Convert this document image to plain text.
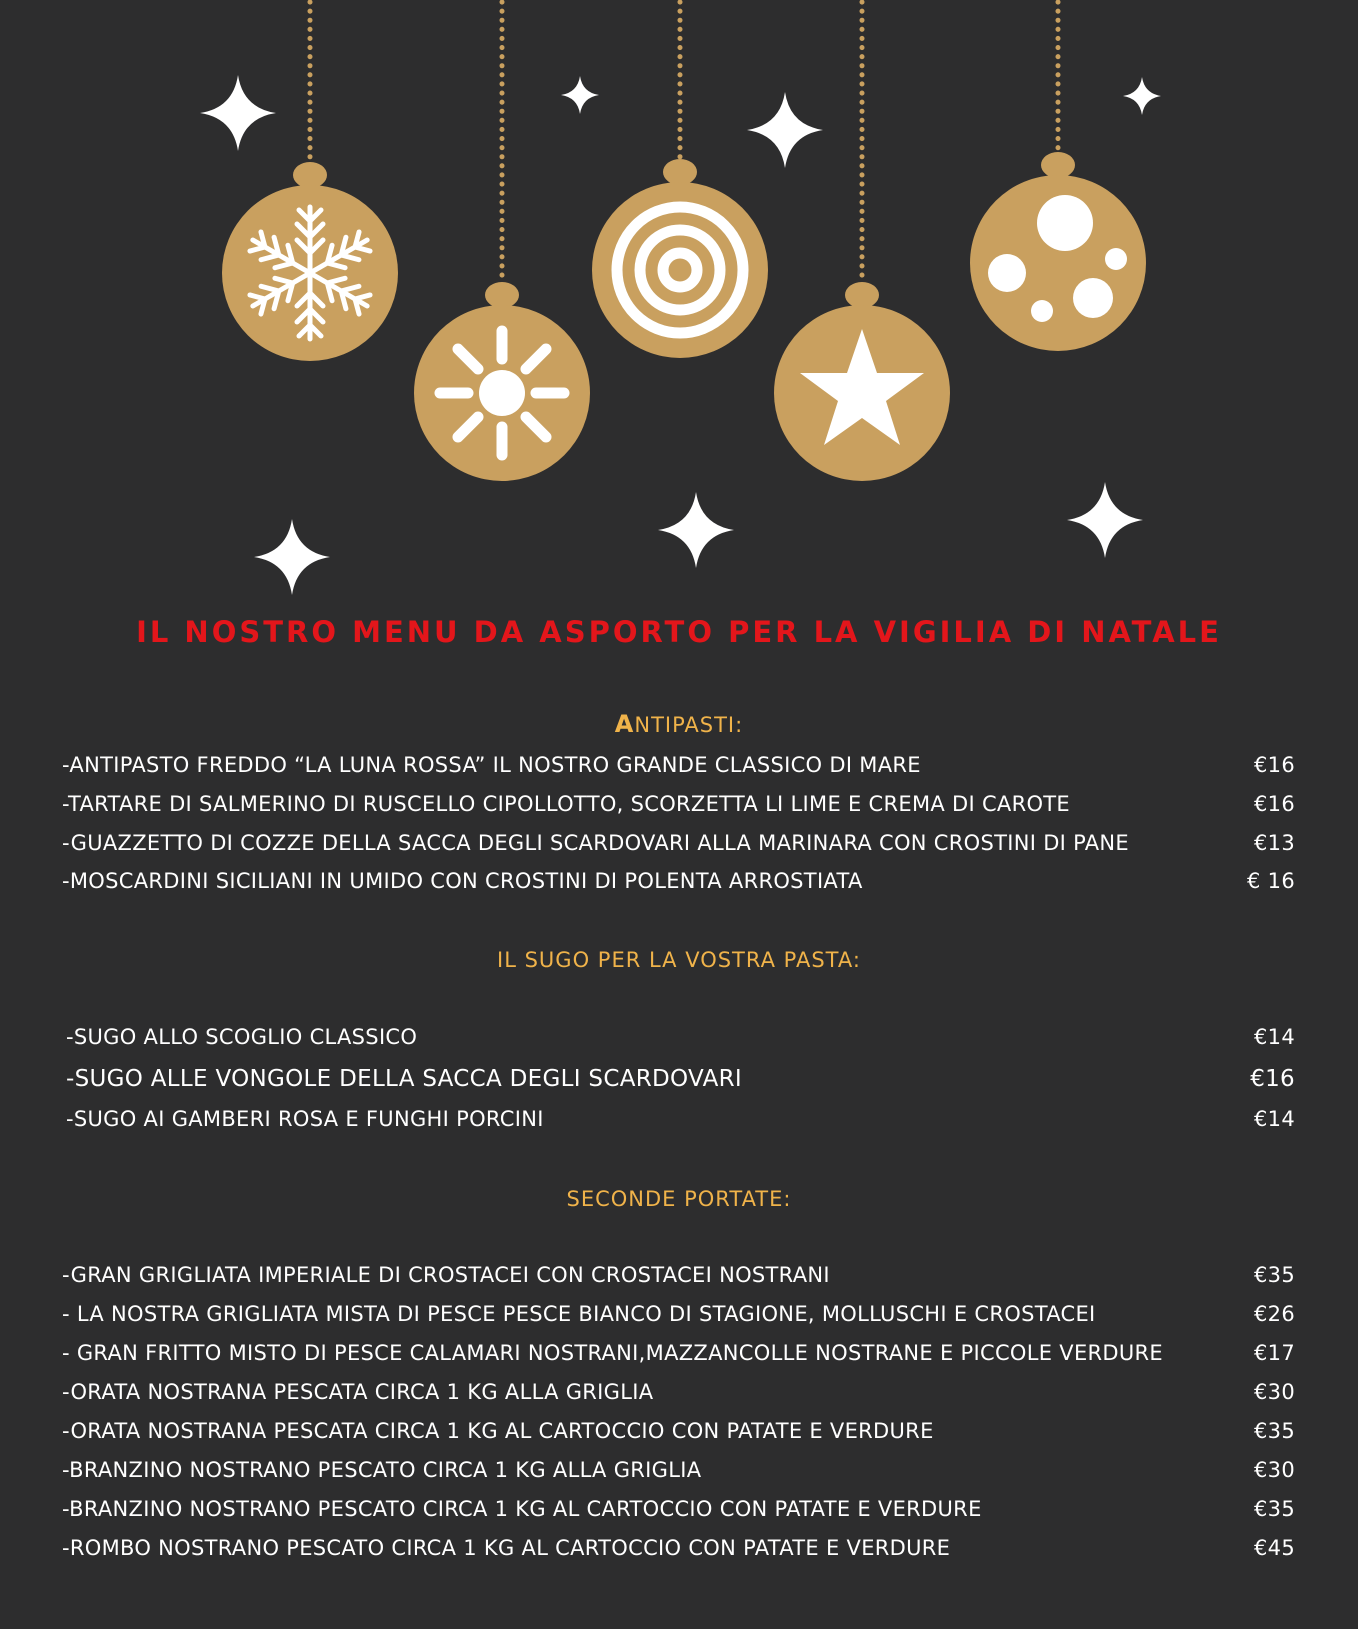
IL NOSTRO MENU DA ASPORTO PER LA VIGILIA DI NATALE
ANTIPASTI:
-ANTIPASTO FREDDO “LA LUNA ROSSA” IL NOSTRO GRANDE CLASSICO DI MARE	€16
-TARTARE DI SALMERINO DI RUSCELLO CIPOLLOTTO, SCORZETTA LI LIME E CREMA DI CAROTE	€16
-GUAZZETTO DI COZZE DELLA SACCA DEGLI SCARDOVARI ALLA MARINARA CON CROSTINI DI PANE	€13
-MOSCARDINI SICILIANI IN UMIDO CON CROSTINI DI POLENTA ARROSTIATA	€ 16
IL SUGO PER LA VOSTRA PASTA:
-SUGO ALLO SCOGLIO CLASSICO	€14
-SUGO ALLE VONGOLE DELLA SACCA DEGLI SCARDOVARI	€16
-SUGO AI GAMBERI ROSA E FUNGHI PORCINI	€14
SECONDE PORTATE:
-GRAN GRIGLIATA IMPERIALE DI CROSTACEI CON CROSTACEI NOSTRANI	€35
- LA NOSTRA GRIGLIATA MISTA DI PESCE PESCE BIANCO DI STAGIONE, MOLLUSCHI E CROSTACEI	€26
- GRAN FRITTO MISTO DI PESCE CALAMARI NOSTRANI,MAZZANCOLLE NOSTRANE E PICCOLE VERDURE	€17
-ORATA NOSTRANA PESCATA CIRCA 1 KG ALLA GRIGLIA	€30
-ORATA NOSTRANA PESCATA CIRCA 1 KG AL CARTOCCIO CON PATATE E VERDURE	€35
-BRANZINO NOSTRANO PESCATO CIRCA 1 KG ALLA GRIGLIA	€30
-BRANZINO NOSTRANO PESCATO CIRCA 1 KG AL CARTOCCIO CON PATATE E VERDURE	€35
-ROMBO NOSTRANO PESCATO CIRCA 1 KG AL CARTOCCIO CON PATATE E VERDURE	€45
